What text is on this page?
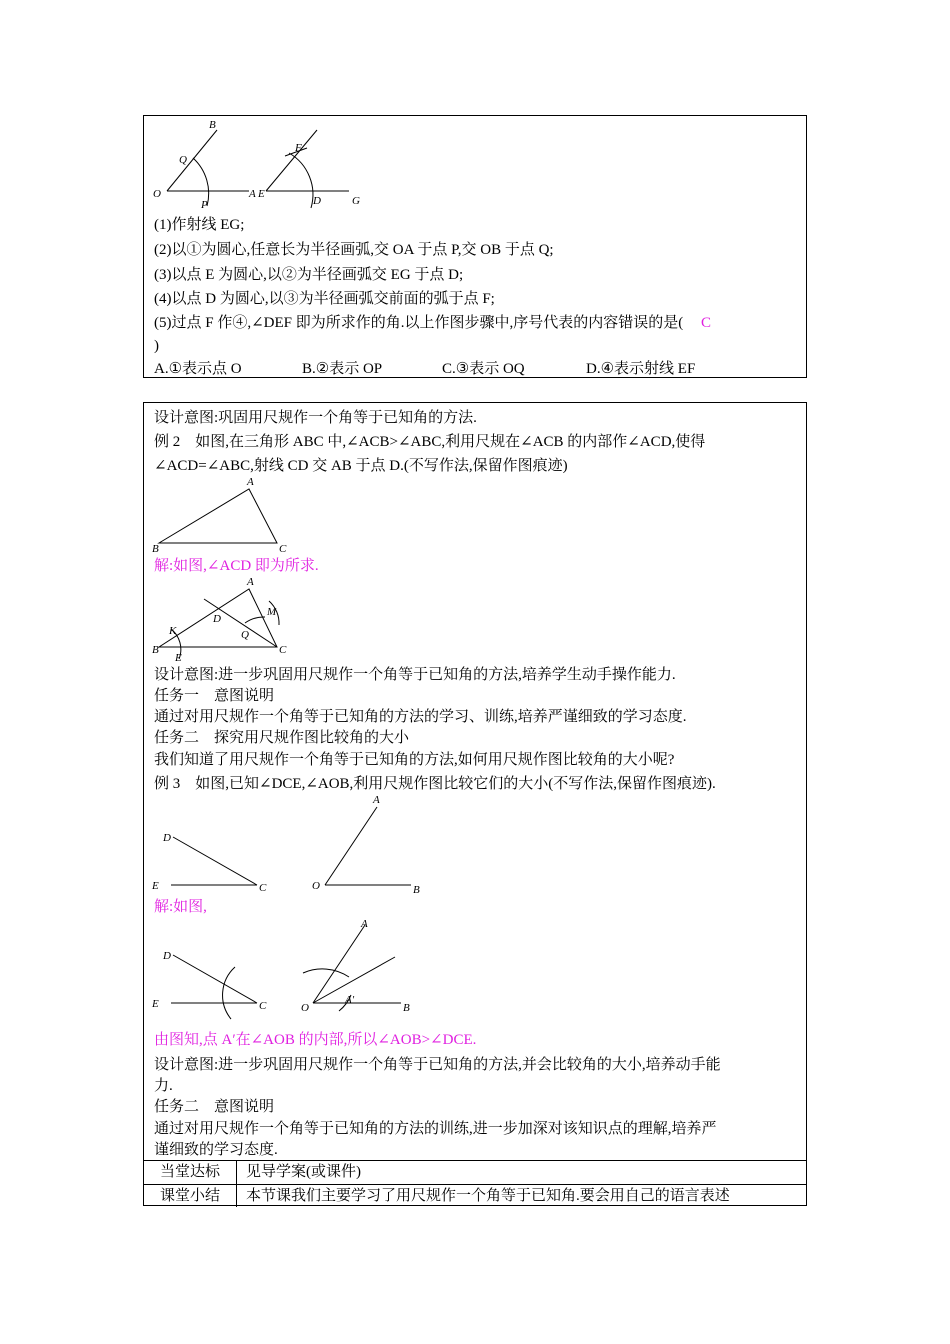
B
Q
O
P
A E
F
D	G
(1)作射线 EG;
(2)以①为圆心,任意长为半径画弧,交 OA 于点 P,交 OB 于点 Q;
(3)以点 E 为圆心,以②为半径画弧交 EG 于点 D;
(4)以点 D 为圆心,以③为半径画弧交前面的弧于点 F;
(5)过点 F 作④,∠DEF 即为所求作的角.以上作图步骤中,序号代表的内容错误的是( C
)
A.①表示点 O	B.②表示 OP	C.③表示 OQ	D.④表示射线 EF
设计意图:巩固用尺规作一个角等于已知角的方法.
例 2　如图,在三角形 ABC 中,∠ACB>∠ABC,利用尺规在∠ACB 的内部作∠ACD,使得
∠ACD=∠ABC,射线 CD 交 AB 于点 D.(不写作法,保留作图痕迹)
A
B	C
解:如图,∠ACD 即为所求.
A
M
D
K	Q
B
E
C
设计意图:进一步巩固用尺规作一个角等于已知角的方法,培养学生动手操作能力.
任务一　意图说明
通过对用尺规作一个角等于已知角的方法的学习、训练,培养严谨细致的学习态度.
任务二　探究用尺规作图比较角的大小
我们知道了用尺规作一个角等于已知角的方法,如何用尺规作图比较角的大小呢?
例 3　如图,已知∠DCE,∠AOB,利用尺规作图比较它们的大小(不写作法,保留作图痕迹).
D
E	C
A
O	B
解:如图,
D
E	C
A
A′
O	B
由图知,点 A′在∠AOB 的内部,所以∠AOB>∠DCE.
设计意图:进一步巩固用尺规作一个角等于已知角的方法,并会比较角的大小,培养动手能
力.
任务二　意图说明
通过对用尺规作一个角等于已知角的方法的训练,进一步加深对该知识点的理解,培养严
谨细致的学习态度.
当堂达标	见导学案(或课件)
课堂小结	本节课我们主要学习了用尺规作一个角等于已知角.要会用自己的语言表述
